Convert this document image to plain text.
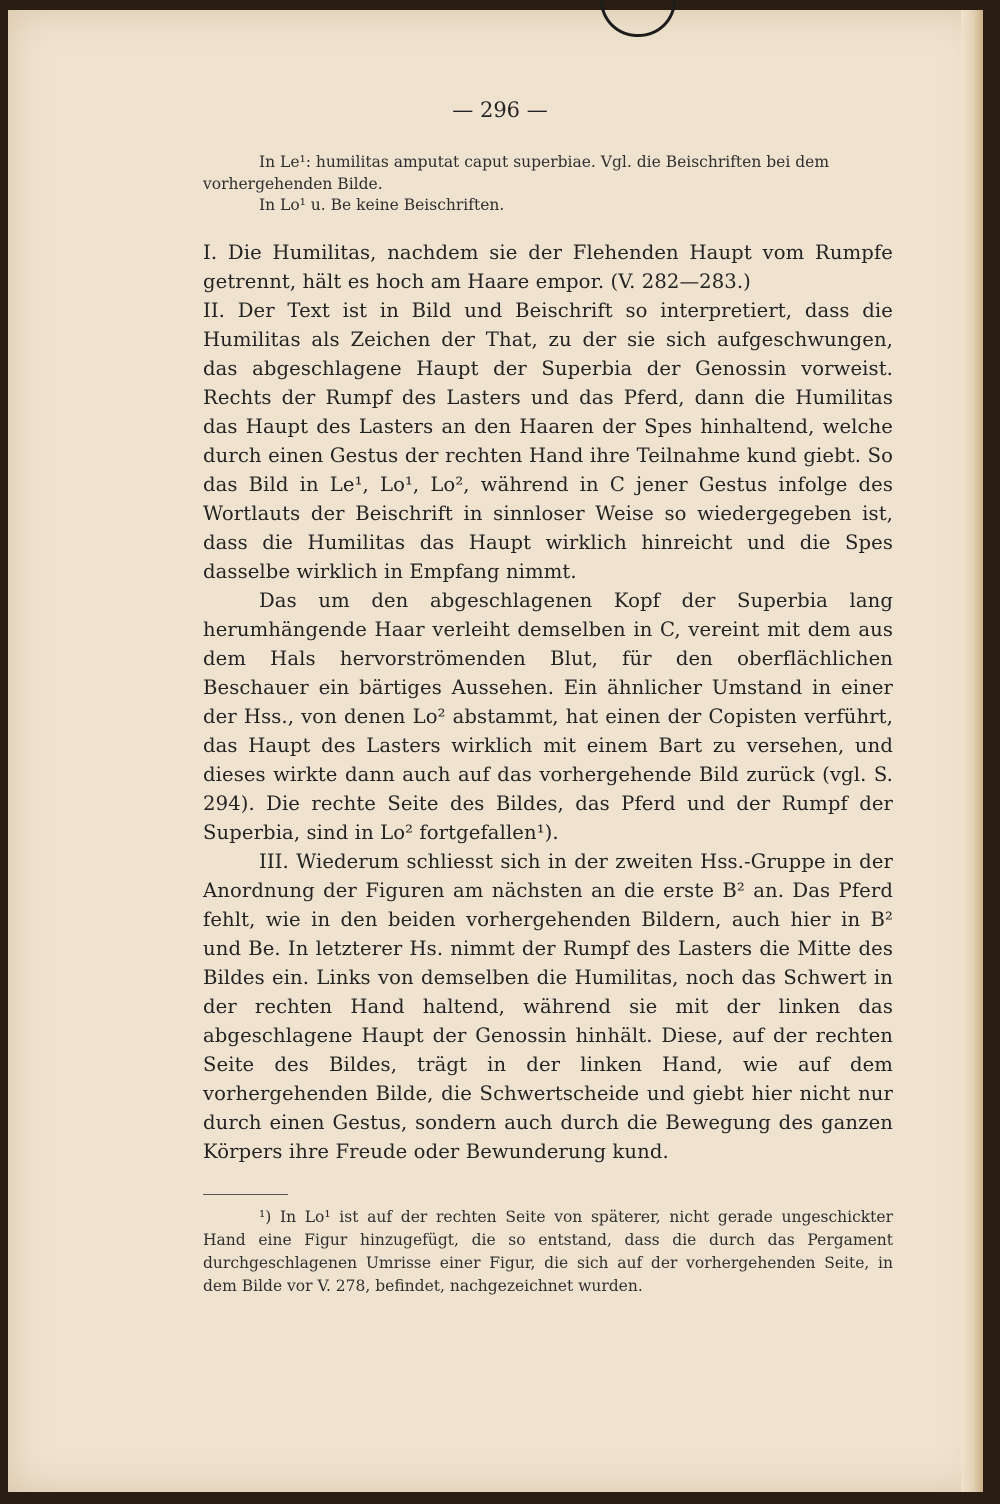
— 296 —

In Le¹: humilitas amputat caput superbiae. Vgl. die Beischriften bei dem vorhergehenden Bilde.

In Lo¹ u. Be keine Beischriften.

I. Die Humilitas, nachdem sie der Flehenden Haupt vom Rumpfe getrennt, hält es hoch am Haare empor. (V. 282—283.)

II. Der Text ist in Bild und Beischrift so interpretiert, dass die Humilitas als Zeichen der That, zu der sie sich aufgeschwungen, das abgeschlagene Haupt der Superbia der Genossin vorweist. Rechts der Rumpf des Lasters und das Pferd, dann die Humilitas das Haupt des Lasters an den Haaren der Spes hinhaltend, welche durch einen Gestus der rechten Hand ihre Teilnahme kund giebt. So das Bild in Le¹, Lo¹, Lo², während in C jener Gestus infolge des Wortlauts der Beischrift in sinnloser Weise so wiedergegeben ist, dass die Humilitas das Haupt wirklich hinreicht und die Spes dasselbe wirklich in Empfang nimmt.

Das um den abgeschlagenen Kopf der Superbia lang herumhängende Haar verleiht demselben in C, vereint mit dem aus dem Hals hervorströmenden Blut, für den oberflächlichen Beschauer ein bärtiges Aussehen. Ein ähnlicher Umstand in einer der Hss., von denen Lo² abstammt, hat einen der Copisten verführt, das Haupt des Lasters wirklich mit einem Bart zu versehen, und dieses wirkte dann auch auf das vorhergehende Bild zurück (vgl. S. 294). Die rechte Seite des Bildes, das Pferd und der Rumpf der Superbia, sind in Lo² fortgefallen¹).

III. Wiederum schliesst sich in der zweiten Hss.-Gruppe in der Anordnung der Figuren am nächsten an die erste B² an. Das Pferd fehlt, wie in den beiden vorhergehenden Bildern, auch hier in B² und Be. In letzterer Hs. nimmt der Rumpf des Lasters die Mitte des Bildes ein. Links von demselben die Humilitas, noch das Schwert in der rechten Hand haltend, während sie mit der linken das abgeschlagene Haupt der Genossin hinhält. Diese, auf der rechten Seite des Bildes, trägt in der linken Hand, wie auf dem vorhergehenden Bilde, die Schwertscheide und giebt hier nicht nur durch einen Gestus, sondern auch durch die Bewegung des ganzen Körpers ihre Freude oder Bewunderung kund.

¹) In Lo¹ ist auf der rechten Seite von späterer, nicht gerade ungeschickter Hand eine Figur hinzugefügt, die so entstand, dass die durch das Pergament durchgeschlagenen Umrisse einer Figur, die sich auf der vorhergehenden Seite, in dem Bilde vor V. 278, befindet, nachgezeichnet wurden.
